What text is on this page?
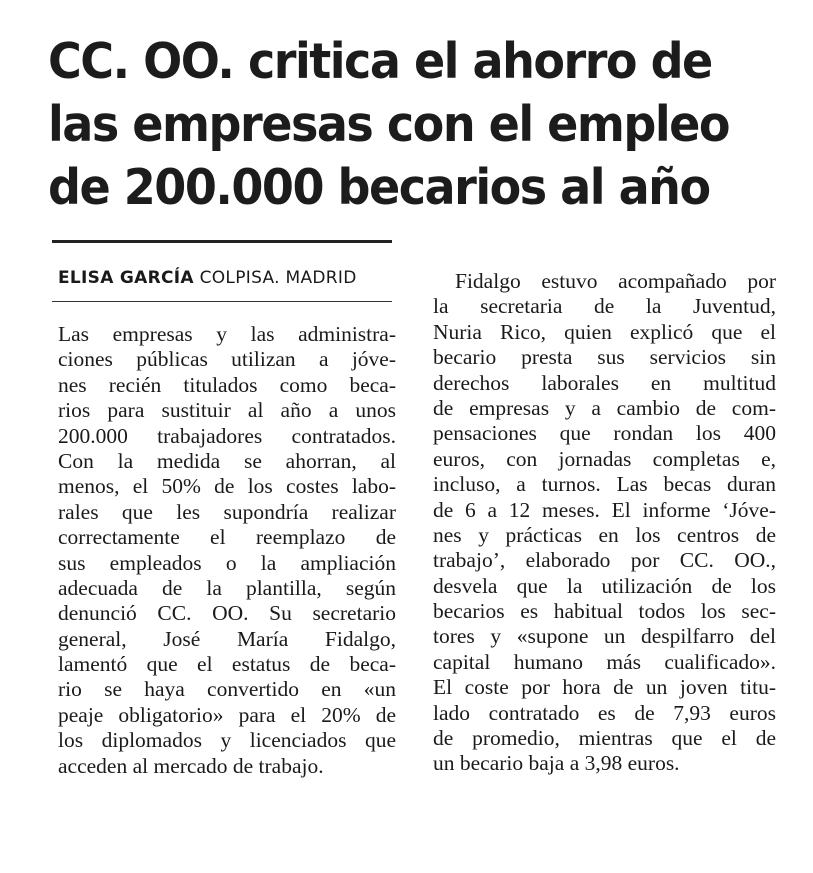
CC. OO. critica el ahorro de
las empresas con el empleo
de 200.000 becarios al año
ELISA GARCÍA COLPISA. MADRID
Las empresas y las administra-
ciones públicas utilizan a jóve-
nes recién titulados como beca-
rios para sustituir al año a unos
200.000 trabajadores contratados.
Con la medida se ahorran, al
menos, el 50% de los costes labo-
rales que les supondría realizar
correctamente el reemplazo de
sus empleados o la ampliación
adecuada de la plantilla, según
denunció CC. OO. Su secretario
general, José María Fidalgo,
lamentó que el estatus de beca-
rio se haya convertido en «un
peaje obligatorio» para el 20% de
los diplomados y licenciados que
acceden al mercado de trabajo.
Fidalgo estuvo acompañado por
la secretaria de la Juventud,
Nuria Rico, quien explicó que el
becario presta sus servicios sin
derechos laborales en multitud
de empresas y a cambio de com-
pensaciones que rondan los 400
euros, con jornadas completas e,
incluso, a turnos. Las becas duran
de 6 a 12 meses. El informe ‘Jóve-
nes y prácticas en los centros de
trabajo’, elaborado por CC. OO.,
desvela que la utilización de los
becarios es habitual todos los sec-
tores y «supone un despilfarro del
capital humano más cualificado».
El coste por hora de un joven titu-
lado contratado es de 7,93 euros
de promedio, mientras que el de
un becario baja a 3,98 euros.
